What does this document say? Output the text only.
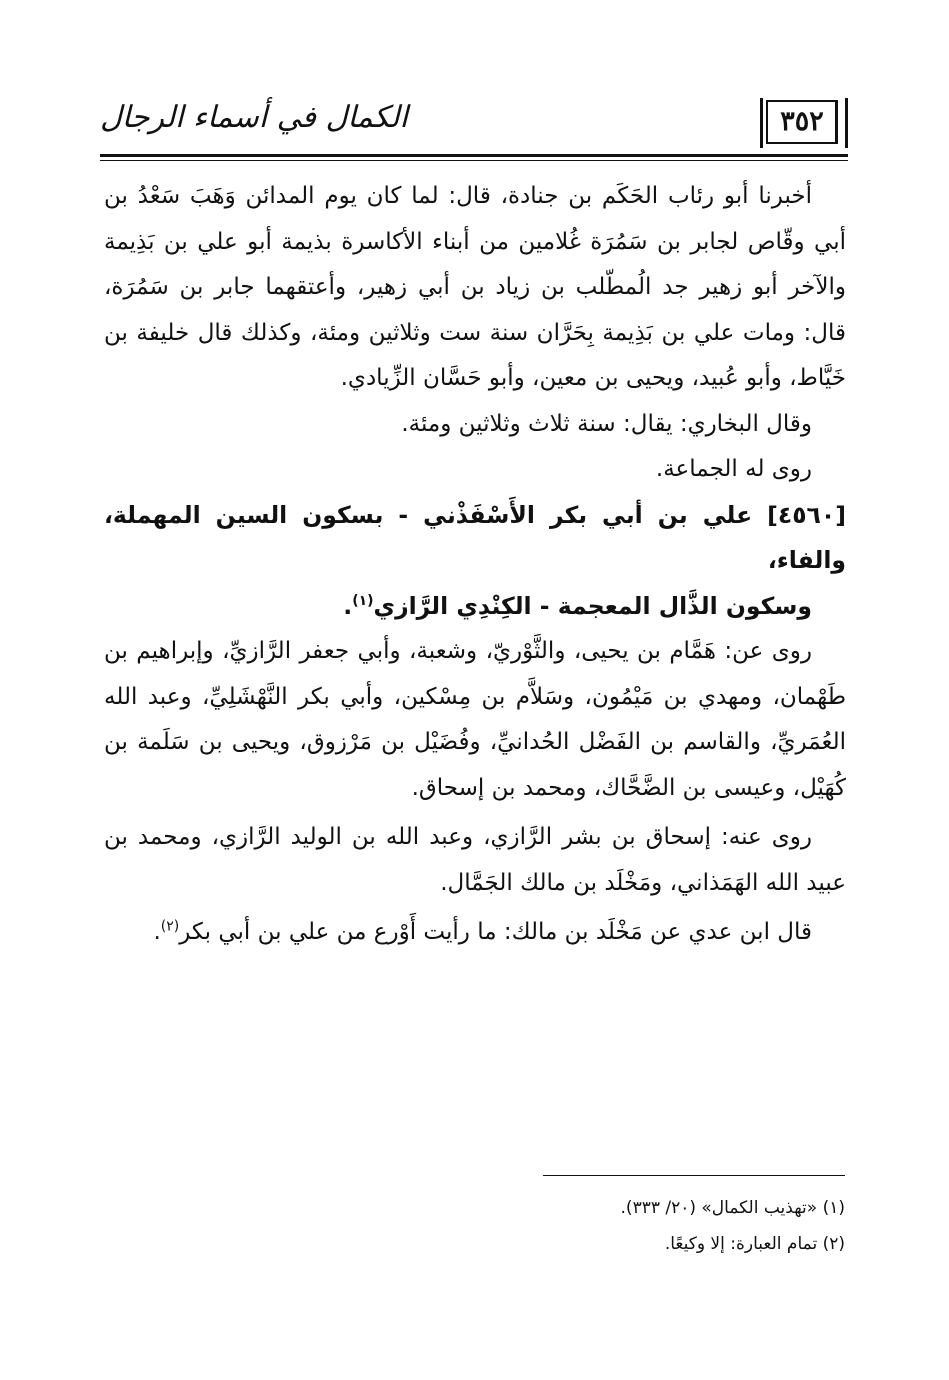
الكمال في أسماء الرجال	٣٥٢

أخبرنا أبو رئاب الحَكَم بن جنادة، قال: لما كان يوم المدائن وَهَبَ سَعْدُ بن أبي وقّاص لجابر بن سَمُرَة غُلامين من أبناء الأكاسرة بذيمة أبو علي بن بَذِيمة والآخر أبو زهير جد الُمطّلب بن زياد بن أبي زهير، وأعتقهما جابر بن سَمُرَة، قال: ومات علي بن بَذِيمة بِحَرَّان سنة ست وثلاثين ومئة، وكذلك قال خليفة بن خَيَّاط، وأبو عُبيد، ويحيى بن معين، وأبو حَسَّان الزِّيادي.

وقال البخاري: يقال: سنة ثلاث وثلاثين ومئة.

روى له الجماعة.

[٤٥٦٠] علي بن أبي بكر الأَسْفَذْني - بسكون السين المهملة، والفاء،
وسكون الذَّال المعجمة - الكِنْدِي الرَّازي$^{(١)}$.

روى عن: هَمَّام بن يحيى، والثَّوْريّ، وشعبة، وأبي جعفر الرَّازيِّ، وإبراهيم بن طَهْمان، ومهدي بن مَيْمُون، وسَلاَّم بن مِسْكين، وأبي بكر النَّهْشَلِيِّ، وعبد الله العُمَريِّ، والقاسم بن الفَضْل الحُدانيِّ، وفُضَيْل بن مَرْزوق، ويحيى بن سَلَمة بن كُهَيْل، وعيسى بن الضَّحَّاك، ومحمد بن إسحاق.

روى عنه: إسحاق بن بشر الرَّازي، وعبد الله بن الوليد الرَّازي، ومحمد بن عبيد الله الهَمَذاني، ومَخْلَد بن مالك الجَمَّال.

قال ابن عدي عن مَخْلَد بن مالك: ما رأيت أَوْرع من علي بن أبي بكر$^{(٢)}$.

(١) «تهذيب الكمال» (٢٠/ ٣٣٣).
(٢) تمام العبارة: إلا وكيعًا.
